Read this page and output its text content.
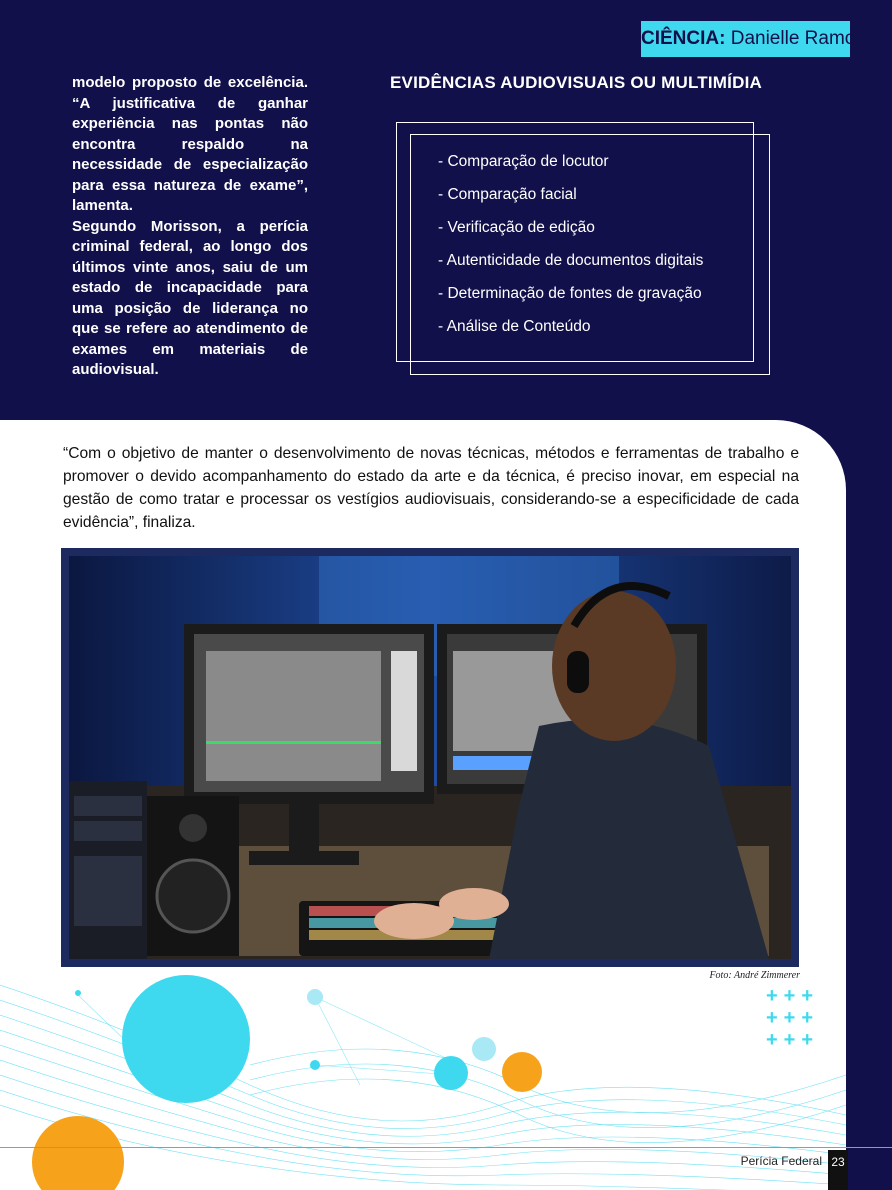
CIÊNCIA: Danielle Ramos

modelo proposto de excelência. “A justificativa de ganhar experiência nas pontas não encontra respaldo na necessidade de especialização para essa natureza de exame”, lamenta.

Segundo Morisson, a perícia criminal federal, ao longo dos últimos vinte anos, saiu de um estado de incapacidade para uma posição de liderança no que se refere ao atendimento de exames em materiais de audiovisual.

EVIDÊNCIAS AUDIOVISUAIS OU MULTIMÍDIA
- Comparação de locutor
- Comparação facial
- Verificação de edição
- Autenticidade de documentos digitais
- Determinação de fontes de gravação
- Análise de Conteúdo

“Com o objetivo de manter o desenvolvimento de novas técnicas, métodos e ferramentas de trabalho e promover o devido acompanhamento do estado da arte e da técnica, é preciso inovar, em especial na gestão de como tratar e processar os vestígios audiovisuais, considerando-se a especificidade de cada evidência”, finaliza.

Foto: André Zimmerer
+++
+++
+++
Perícia Federal 23
